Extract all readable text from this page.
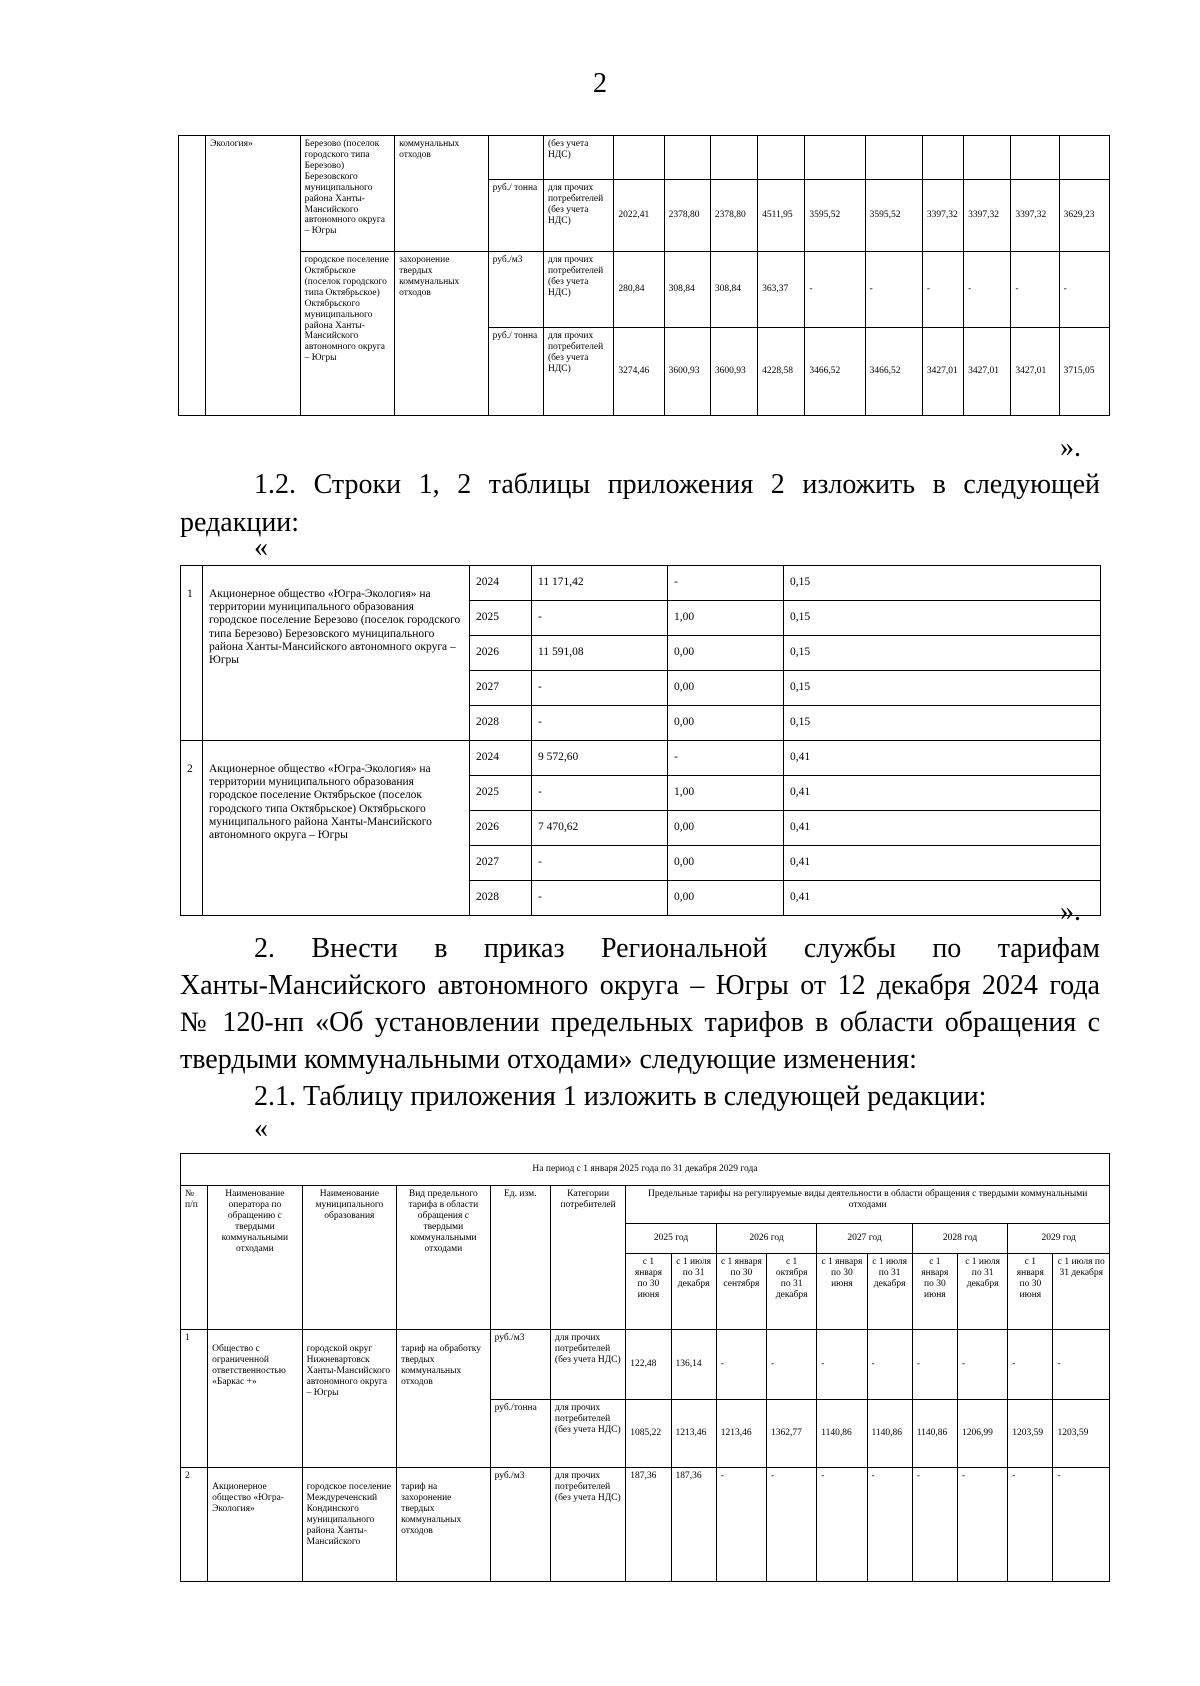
2
	Экология»	Березово (поселок городского типа Березово) Березовского муниципального района Ханты-Мансийского автономного округа – Югры	коммунальных отходов		(без учета НДС)										
				руб./ тонна	для прочих потребителей (без учета НДС)	2022,41	2378,80	2378,80	4511,95	3595,52	3595,52	3397,32	3397,32	3397,32	3629,23
		городское поселение Октябрьское (поселок городского типа Октябрьское) Октябрьского муниципального района Ханты-Мансийского автономного округа – Югры	захоронение твердых коммунальных отходов	руб./м3	для прочих потребителей (без учета НДС)	280,84	308,84	308,84	363,37	-	-	-	-	-	-
				руб./ тонна	для прочих потребителей (без учета НДС)	3274,46	3600,93	3600,93	4228,58	3466,52	3466,52	3427,01	3427,01	3427,01	3715,05
».

1.2. Строки 1, 2 таблицы приложения 2 изложить в следующей

редакции:

«
1	Акционерное общество «Югра-Экология» на территории муниципального образования городское поселение Березово (поселок городского типа Березово) Березовского муниципального района Ханты-Мансийского автономного округа – Югры	2024	11 171,42	-	0,15
		2025	-	1,00	0,15
		2026	11 591,08	0,00	0,15
		2027	-	0,00	0,15
		2028	-	0,00	0,15
2	Акционерное общество «Югра-Экология» на территории муниципального образования городское поселение Октябрьское (поселок городского типа Октябрьское) Октябрьского муниципального района Ханты-Мансийского автономного округа – Югры	2024	9 572,60	-	0,41
		2025	-	1,00	0,41
		2026	7 470,62	0,00	0,41
		2027	-	0,00	0,41
		2028	-	0,00	0,41	».

2. Внести в приказ Региональной службы по тарифам

Ханты-Мансийского автономного округа – Югры от 12 декабря 2024 года

№ 120-нп «Об установлении предельных тарифов в области обращения с

твердыми коммунальными отходами» следующие изменения:

2.1. Таблицу приложения 1 изложить в следующей редакции:

«
На период с 1 января 2025 года по 31 декабря 2029 года															
№ п/п	Наименование оператора по обращению с твердыми коммунальными отходами	Наименование муниципального образования	Вид предельного тарифа в области обращения с твердыми коммунальными отходами	Ед. изм.	Категории потребителей	Предельные тарифы на регулируемые виды деятельности в области обращения с твердыми коммунальными отходами									
						2025 год		2026 год		2027 год		2028 год		2029 год	
						с 1 января по 30 июня	с 1 июля по 31 декабря	с 1 января по 30 сентября	с 1 октября по 31 декабря	с 1 января по 30 июня	с 1 июля по 31 декабря	с 1 января по 30 июня	с 1 июля по 31 декабря	с 1 января по 30 июня	с 1 июля по 31 декабря
1	Общество с ограниченной ответственностью «Баркас +»	городской округ Нижневартовск Ханты-Мансийского автономного округа – Югры	тариф на обработку твердых коммунальных отходов	руб./м3	для прочих потребителей (без учета НДС)	122,48	136,14	-	-	-	-	-	-	-	-
				руб./тонна	для прочих потребителей (без учета НДС)	1085,22	1213,46	1213,46	1362,77	1140,86	1140,86	1140,86	1206,99	1203,59	1203,59
2	Акционерное общество «Югра-Экология»	городское поселение Междуреченский Кондинского муниципального района Ханты-Мансийского	тариф на захоронение твердых коммунальных отходов	руб./м3	для прочих потребителей (без учета НДС)	187,36	187,36	-	-	-	-	-	-	-	-
